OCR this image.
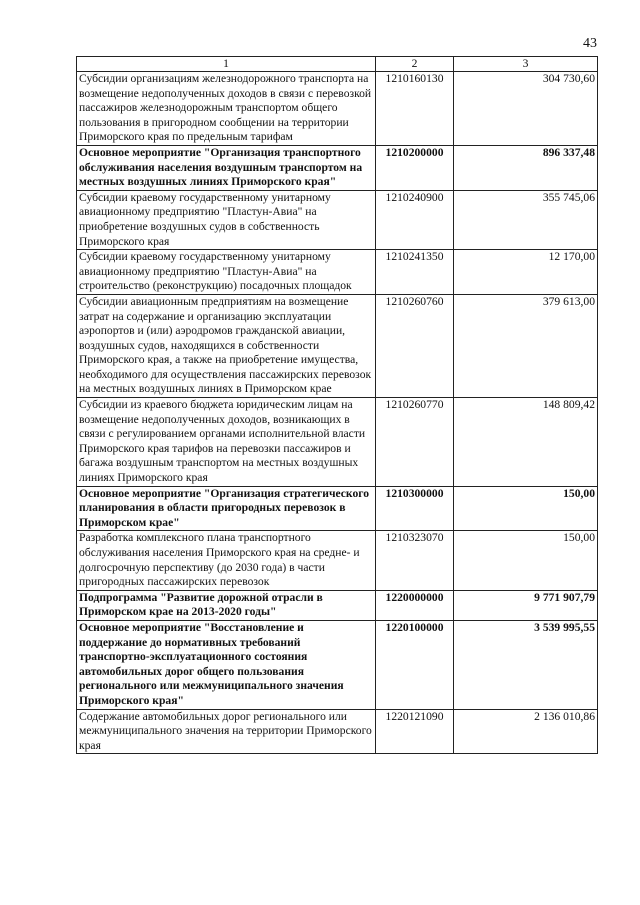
43
1	2	3
Субсидии организациям железнодорожного транспорта на возмещение недополученных доходов в связи с перевозкой пассажиров железнодорожным транспортом общего пользования в пригородном сообщении на территории Приморского края по предельным тарифам	1210160130	304 730,60
Основное мероприятие "Организация транспортного обслуживания населения воздушным транспортом на местных воздушных линиях Приморского края"	1210200000	896 337,48
Субсидии краевому государственному унитарному авиационному предприятию "Пластун-Авиа" на приобретение воздушных судов в собственность Приморского края	1210240900	355 745,06
Субсидии краевому государственному унитарному авиационному предприятию "Пластун-Авиа" на строительство (реконструкцию) посадочных площадок	1210241350	12 170,00
Субсидии авиационным предприятиям на возмещение затрат на содержание и организацию эксплуатации аэропортов и (или) аэродромов гражданской авиации, воздушных судов, находящихся в собственности Приморского края, а также на приобретение имущества, необходимого для осуществления пассажирских перевозок на местных воздушных линиях в Приморском крае	1210260760	379 613,00
Субсидии из краевого бюджета юридическим лицам на возмещение недополученных доходов, возникающих в связи с регулированием органами исполнительной власти Приморского края тарифов на перевозки пассажиров и багажа воздушным транспортом на местных воздушных линиях Приморского края	1210260770	148 809,42
Основное мероприятие "Организация стратегического планирования в области пригородных перевозок в Приморском крае"	1210300000	150,00
Разработка комплексного плана транспортного обслуживания населения Приморского края на средне- и долгосрочную перспективу (до 2030 года) в части пригородных пассажирских перевозок	1210323070	150,00
Подпрограмма "Развитие дорожной отрасли в Приморском крае на 2013-2020 годы"	1220000000	9 771 907,79
Основное мероприятие "Восстановление и поддержание до нормативных требований транспортно-эксплуатационного состояния автомобильных дорог общего пользования регионального или межмуниципального значения Приморского края"	1220100000	3 539 995,55
Содержание автомобильных дорог регионального или межмуниципального значения на территории Приморского края	1220121090	2 136 010,86
